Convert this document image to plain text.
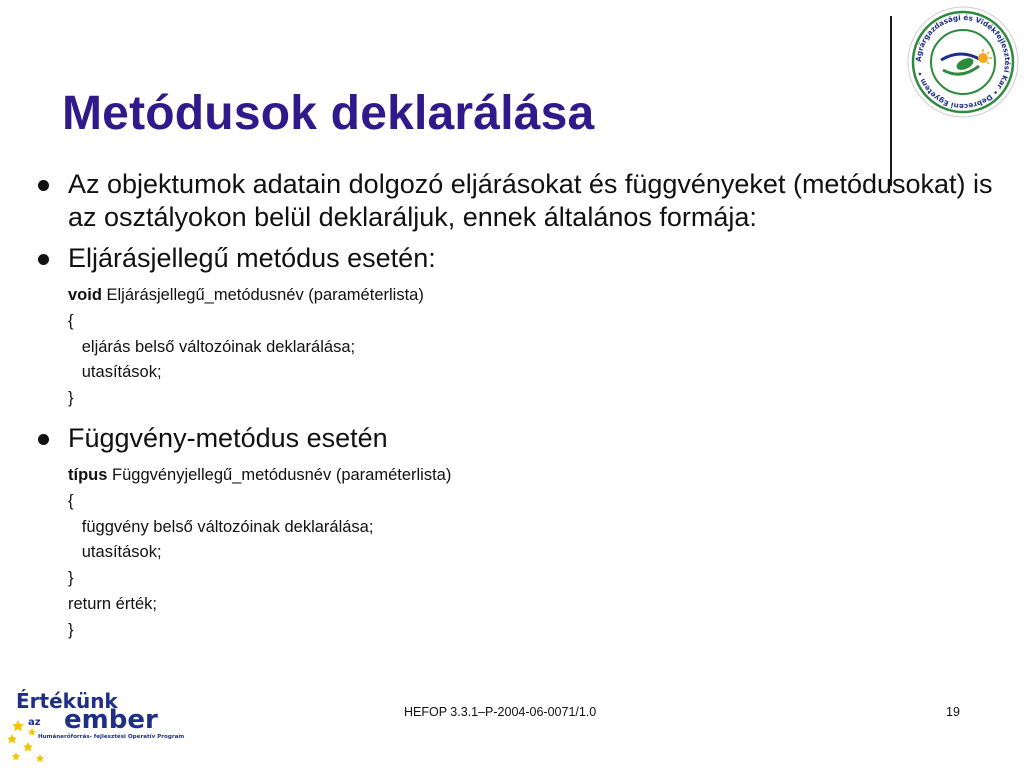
Agrárgazdasági és Vidékfejlesztési Kar • Debreceni Egyetem •
Metódusok deklarálása
Az objektumok adatain dolgozó eljárásokat és függvényeket (metódusokat) is az osztályokon belül deklaráljuk, ennek általános formája:
Eljárásjellegű metódus esetén:
void Eljárásjellegű_metódusnév (paraméterlista)
{
eljárás belső változóinak deklarálása;
utasítások;
}
Függvény-metódus esetén
típus Függvényjellegű_metódusnév (paraméterlista)
{
függvény belső változóinak deklarálása;
utasítások;
}
return érték;
}
Értékünk
az ember
Humánerőforrás- fejlesztési Operatív Program
HEFOP 3.3.1–P-2004-06-0071/1.0	19
